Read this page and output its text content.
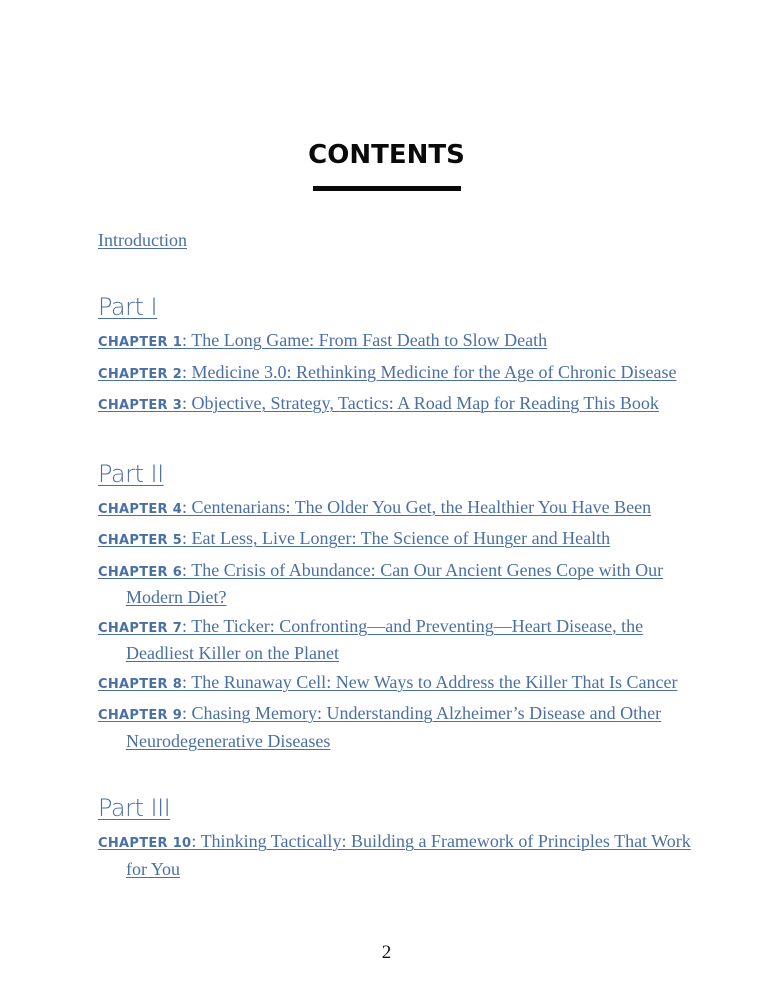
CONTENTS
Introduction
Part I
CHAPTER 1: The Long Game: From Fast Death to Slow Death
CHAPTER 2: Medicine 3.0: Rethinking Medicine for the Age of Chronic Disease
CHAPTER 3: Objective, Strategy, Tactics: A Road Map for Reading This Book
Part II
CHAPTER 4: Centenarians: The Older You Get, the Healthier You Have Been
CHAPTER 5: Eat Less, Live Longer: The Science of Hunger and Health
CHAPTER 6: The Crisis of Abundance: Can Our Ancient Genes Cope with Our Modern Diet?
CHAPTER 7: The Ticker: Confronting—and Preventing—Heart Disease, the Deadliest Killer on the Planet
CHAPTER 8: The Runaway Cell: New Ways to Address the Killer That Is Cancer
CHAPTER 9: Chasing Memory: Understanding Alzheimer’s Disease and Other Neurodegenerative Diseases
Part III
CHAPTER 10: Thinking Tactically: Building a Framework of Principles That Work for You
2
